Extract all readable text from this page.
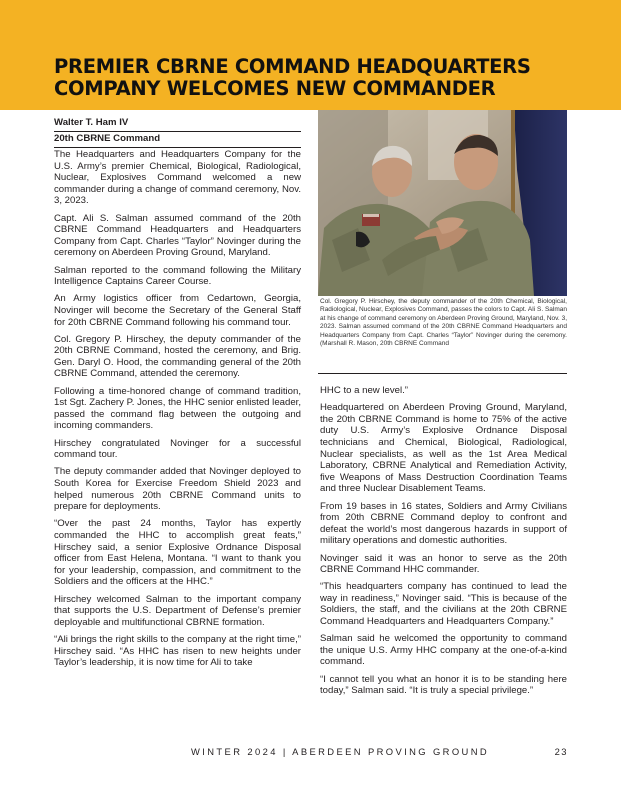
PREMIER CBRNE COMMAND HEADQUARTERS COMPANY WELCOMES NEW COMMANDER
Walter T. Ham IV
20th CBRNE Command

The Headquarters and Headquarters Company for the U.S. Army’s premier Chemical, Biological, Radiological, Nuclear, Explosives Command welcomed a new commander during a change of command ceremony, Nov. 3, 2023.

Capt. Ali S. Salman assumed command of the 20th CBRNE Command Headquarters and Headquarters Company from Capt. Charles “Taylor” Novinger during the ceremony on Aberdeen Proving Ground, Maryland.

Salman reported to the command following the Military Intelligence Captains Career Course.

An Army logistics officer from Cedartown, Georgia, Novinger will become the Secretary of the General Staff for 20th CBRNE Command following his command tour.

Col. Gregory P. Hirschey, the deputy commander of the 20th CBRNE Command, hosted the ceremony, and Brig. Gen. Daryl O. Hood, the commanding general of the 20th CBRNE Command, attended the ceremony.

Following a time-honored change of command tradition, 1st Sgt. Zachery P. Jones, the HHC senior enlisted leader, passed the command flag between the outgoing and incoming commanders.

Hirschey congratulated Novinger for a successful command tour.

The deputy commander added that Novinger deployed to South Korea for Exercise Freedom Shield 2023 and helped numerous 20th CBRNE Command units to prepare for deployments.

“Over the past 24 months, Taylor has expertly commanded the HHC to accomplish great feats,” Hirschey said, a senior Explosive Ordnance Disposal officer from East Helena, Montana. “I want to thank you for your leadership, compassion, and commitment to the Soldiers and the officers at the HHC.”

Hirschey welcomed Salman to the important company that supports the U.S. Department of Defense’s premier deployable and multifunctional CBRNE formation.

“Ali brings the right skills to the company at the right time,” Hirschey said. “As HHC has risen to new heights under Taylor’s leadership, it is now time for Ali to take

Col. Gregory P. Hirschey, the deputy commander of the 20th Chemical, Biological, Radiological, Nuclear, Explosives Command, passes the colors to Capt. Ali S. Salman at his change of command ceremony on Aberdeen Proving Ground, Maryland, Nov. 3, 2023. Salman assumed command of the 20th CBRNE Command Headquarters and Headquarters Company from Capt. Charles “Taylor” Novinger during the ceremony. (Marshall R. Mason, 20th CBRNE Command

HHC to a new level.”

Headquartered on Aberdeen Proving Ground, Maryland, the 20th CBRNE Command is home to 75% of the active duty U.S. Army’s Explosive Ordnance Disposal technicians and Chemical, Biological, Radiological, Nuclear specialists, as well as the 1st Area Medical Laboratory, CBRNE Analytical and Remediation Activity, five Weapons of Mass Destruction Coordination Teams and three Nuclear Disablement Teams.

From 19 bases in 16 states, Soldiers and Army Civilians from 20th CBRNE Command deploy to confront and defeat the world’s most dangerous hazards in support of military operations and domestic authorities.

Novinger said it was an honor to serve as the 20th CBRNE Command HHC commander.

“This headquarters company has continued to lead the way in readiness,” Novinger said. “This is because of the Soldiers, the staff, and the civilians at the 20th CBRNE Command Headquarters and Headquarters Company.”

Salman said he welcomed the opportunity to command the unique U.S. Army HHC company at the one-of-a-kind command.

“I cannot tell you what an honor it is to be standing here today,” Salman said. “It is truly a special privilege.”

WINTER 2024 | ABERDEEN PROVING GROUND	23
